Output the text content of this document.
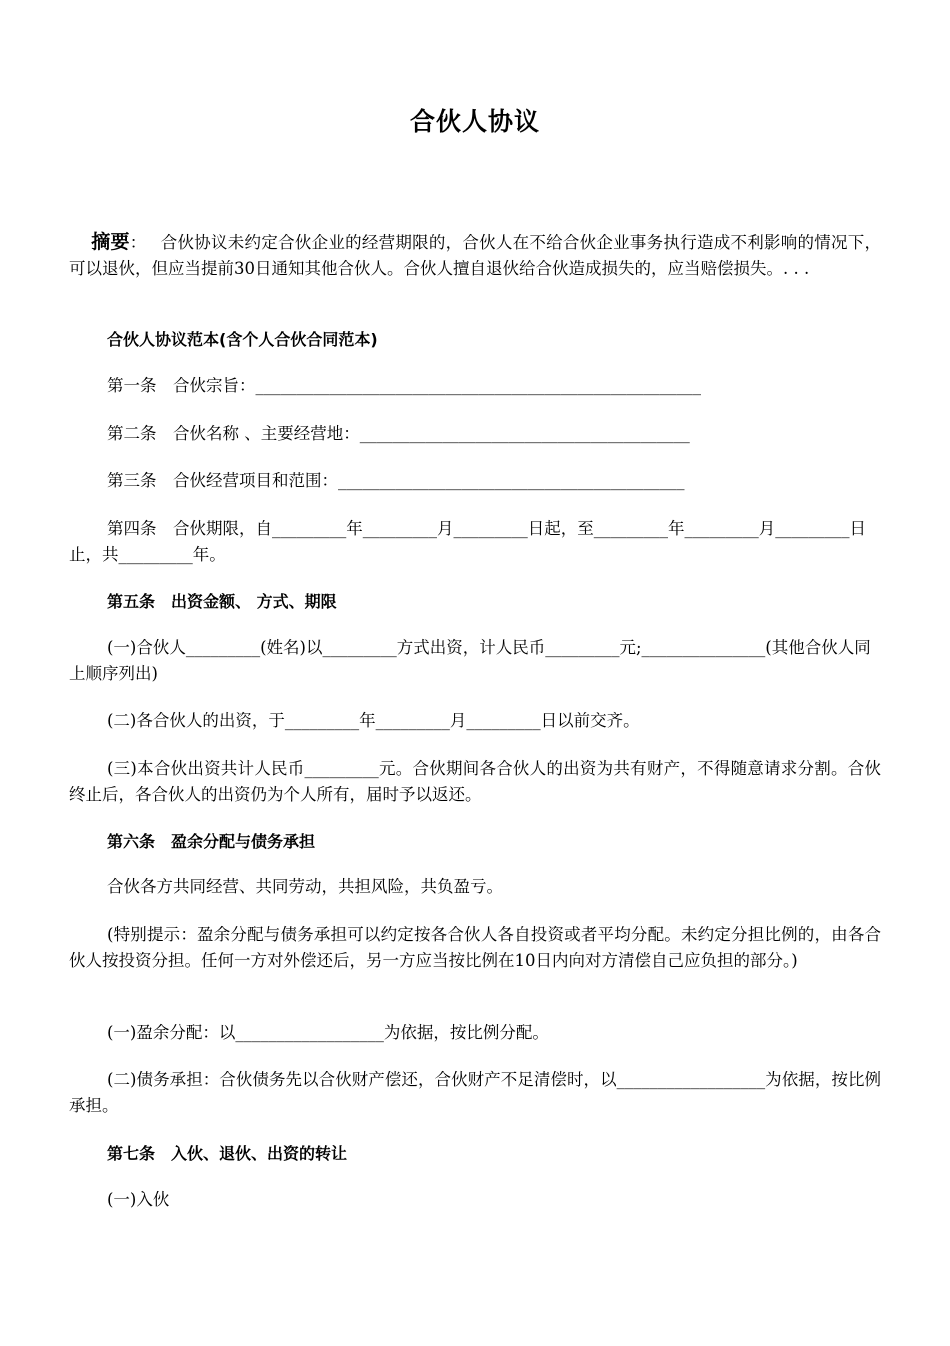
合伙人协议
摘要： 合伙协议未约定合伙企业的经营期限的，合伙人在不给合伙企业事务执行造成不利影响的情况下，可以退伙，但应当提前30日通知其他合伙人。合伙人擅自退伙给合伙造成损失的，应当赔偿损失。. . .
合伙人协议范本(含个人合伙合同范本)
第一条　合伙宗旨：______________________________________________________
第二条　合伙名称 、主要经营地：________________________________________
第三条　合伙经营项目和范围：__________________________________________
第四条　合伙期限，自_________年_________月_________日起，至_________年_________月_________日止，共_________年。
第五条　出资金额、 方式、期限
(一)合伙人_________(姓名)以_________方式出资，计人民币_________元;_______________(其他合伙人同上顺序列出)
(二)各合伙人的出资，于_________年_________月_________日以前交齐。
(三)本合伙出资共计人民币_________元。合伙期间各合伙人的出资为共有财产，不得随意请求分割。合伙终止后，各合伙人的出资仍为个人所有，届时予以返还。
第六条　盈余分配与债务承担
合伙各方共同经营、共同劳动，共担风险，共负盈亏。
(特别提示：盈余分配与债务承担可以约定按各合伙人各自投资或者平均分配。未约定分担比例的，由各合伙人按投资分担。任何一方对外偿还后，另一方应当按比例在10日内向对方清偿自己应负担的部分。)
(一)盈余分配：以__________________为依据，按比例分配。
(二)债务承担：合伙债务先以合伙财产偿还，合伙财产不足清偿时，以__________________为依据，按比例承担。
第七条　入伙、退伙、出资的转让
(一)入伙
